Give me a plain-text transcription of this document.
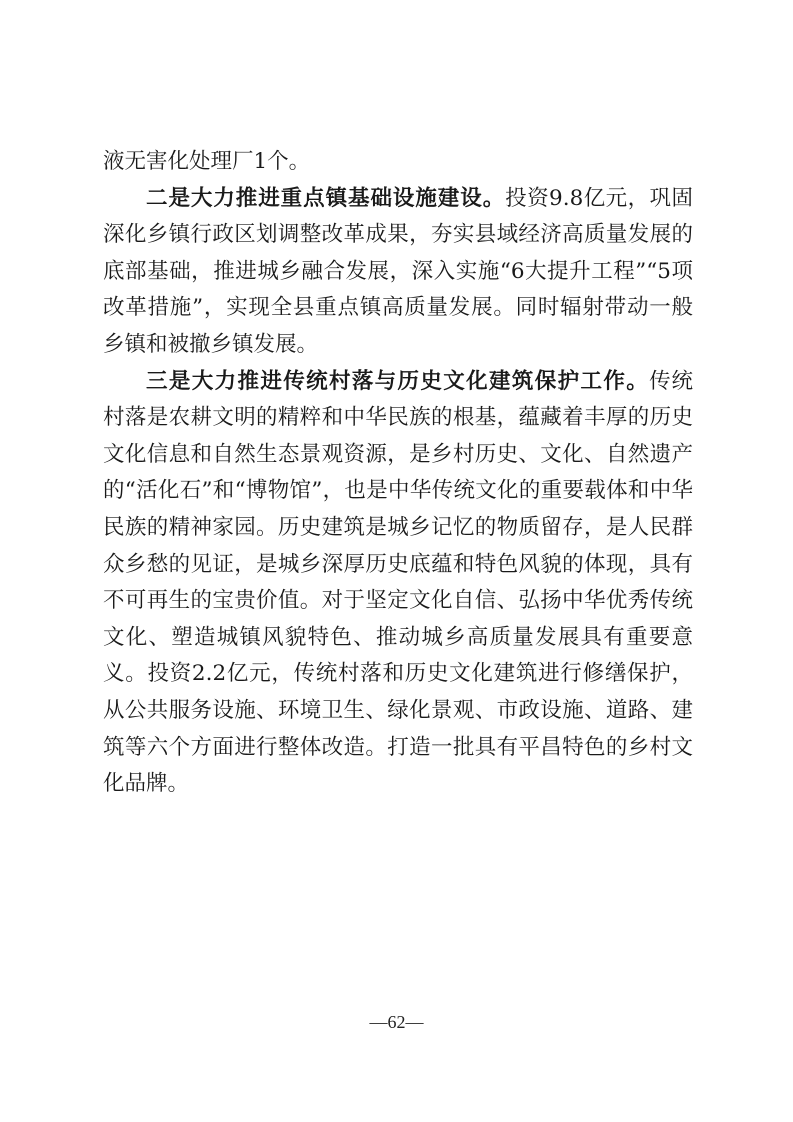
液无害化处理厂1个。

二是大力推进重点镇基础设施建设。投资9.8亿元，巩固深化乡镇行政区划调整改革成果，夯实县域经济高质量发展的底部基础，推进城乡融合发展，深入实施“6大提升工程”“5项改革措施”，实现全县重点镇高质量发展。同时辐射带动一般乡镇和被撤乡镇发展。

三是大力推进传统村落与历史文化建筑保护工作。传统村落是农耕文明的精粹和中华民族的根基，蕴藏着丰厚的历史文化信息和自然生态景观资源，是乡村历史、文化、自然遗产的“活化石”和“博物馆”，也是中华传统文化的重要载体和中华民族的精神家园。历史建筑是城乡记忆的物质留存，是人民群众乡愁的见证，是城乡深厚历史底蕴和特色风貌的体现，具有不可再生的宝贵价值。对于坚定文化自信、弘扬中华优秀传统文化、塑造城镇风貌特色、推动城乡高质量发展具有重要意义。投资2.2亿元，传统村落和历史文化建筑进行修缮保护，从公共服务设施、环境卫生、绿化景观、市政设施、道路、建筑等六个方面进行整体改造。打造一批具有平昌特色的乡村文化品牌。

—62—
